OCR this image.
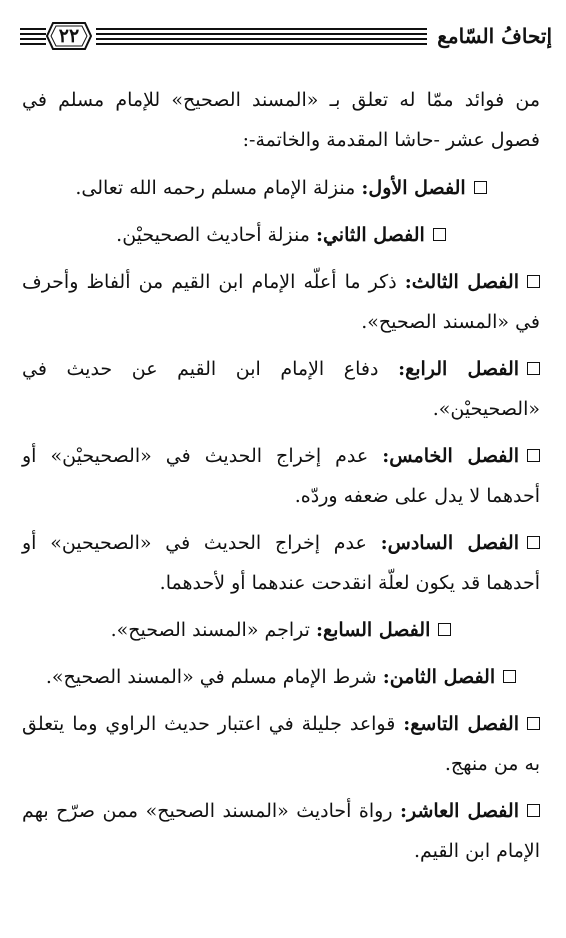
إتحافُ السّامع
٢٢

من فوائد ممّا له تعلق بـ «المسند الصحيح» للإمام مسلم في فصول عشر -حاشا المقدمة والخاتمة-:

الفصل الأول: منزلة الإمام مسلم رحمه الله تعالى.

الفصل الثاني: منزلة أحاديث الصحيحيْن.

الفصل الثالث: ذكر ما أعلّه الإمام ابن القيم من ألفاظ وأحرف في «المسند الصحيح».

الفصل الرابع: دفاع الإمام ابن القيم عن حديث في «الصحيحيْن».

الفصل الخامس: عدم إخراج الحديث في «الصحيحيْن» أو أحدهما لا يدل على ضعفه وردّه.

الفصل السادس: عدم إخراج الحديث في «الصحيحين» أو أحدهما قد يكون لعلّة انقدحت عندهما أو لأحدهما.

الفصل السابع: تراجم «المسند الصحيح».

الفصل الثامن: شرط الإمام مسلم في «المسند الصحيح».

الفصل التاسع: قواعد جليلة في اعتبار حديث الراوي وما يتعلق به من منهج.

الفصل العاشر: رواة أحاديث «المسند الصحيح» ممن صرّح بهم الإمام ابن القيم.
